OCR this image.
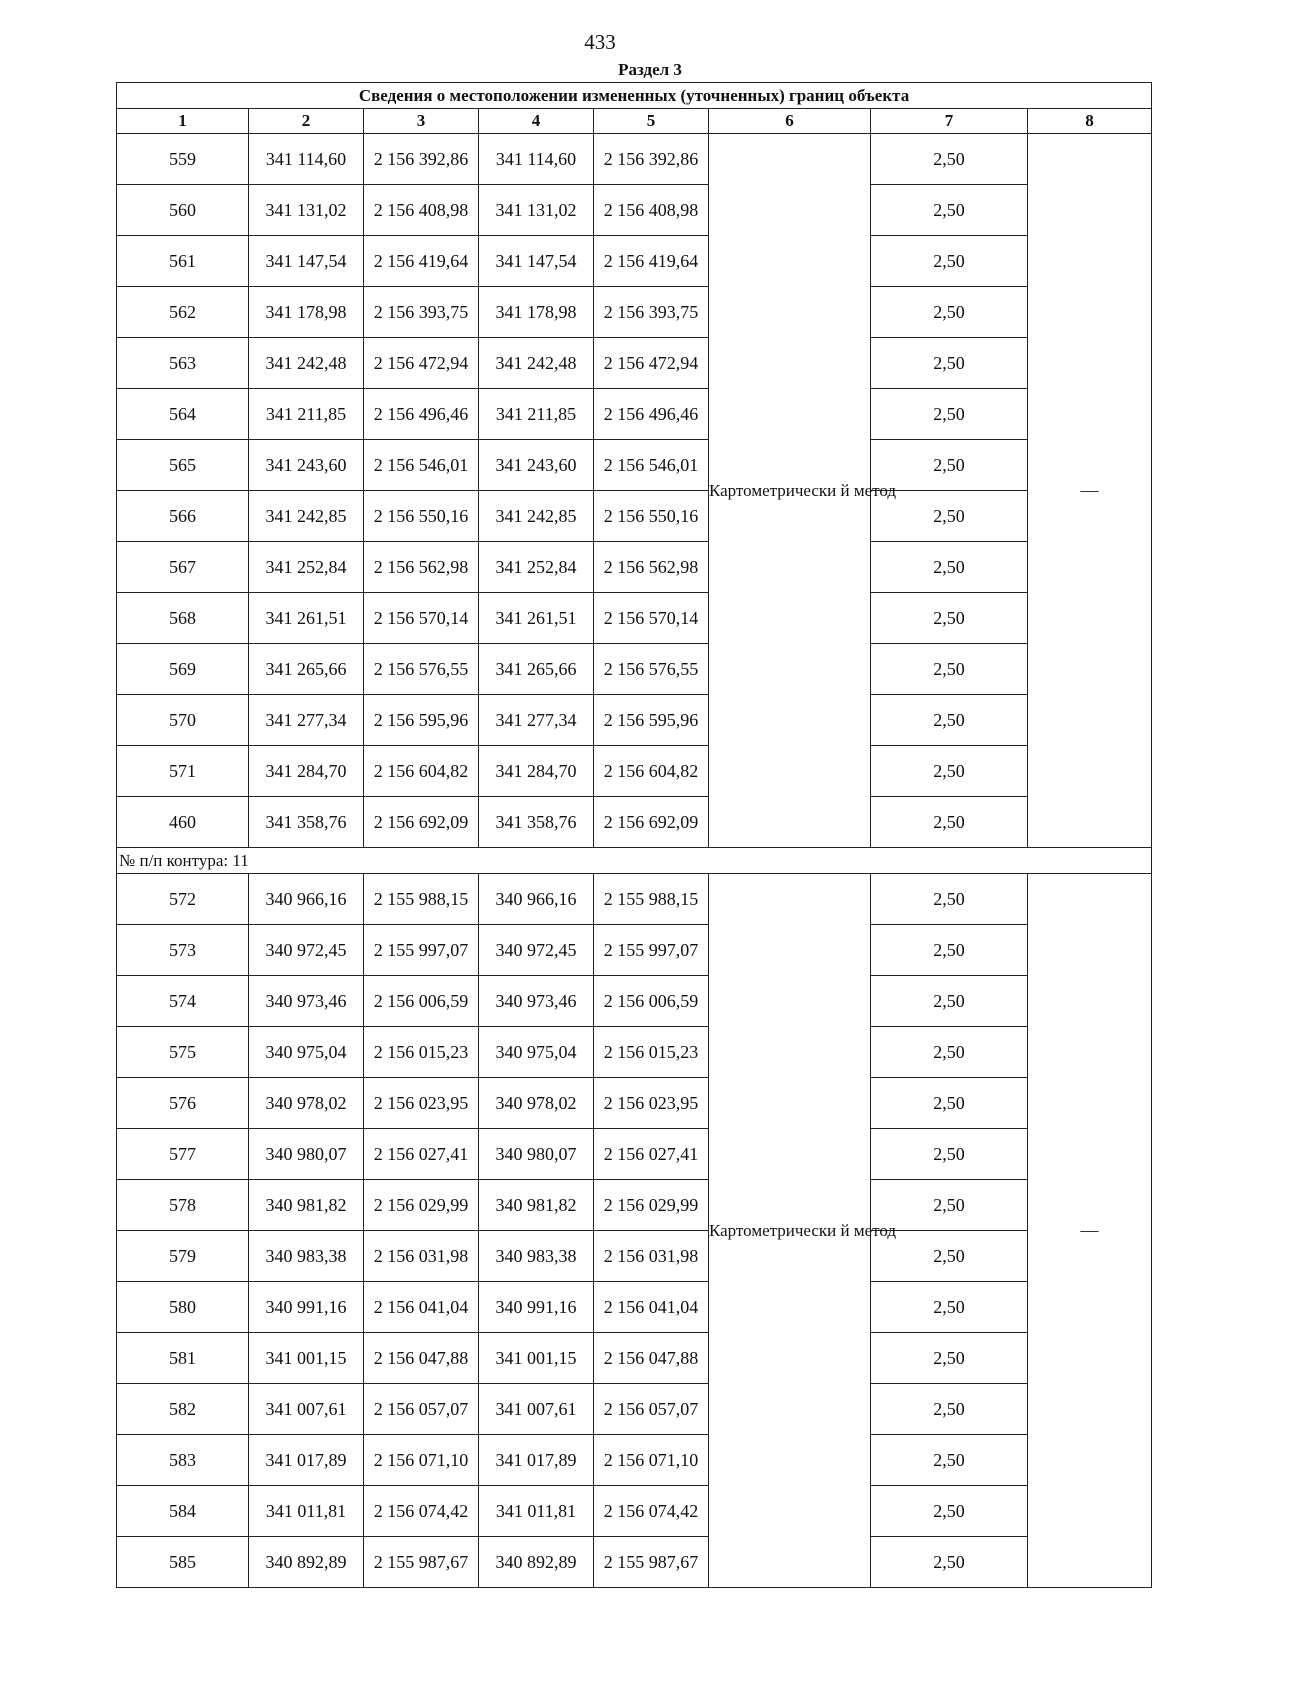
433
Раздел 3
Сведения о местоположении измененных (уточненных) границ объекта							
1	2	3	4	5	6	7	8
559	341 114,60	2 156 392,86	341 114,60	2 156 392,86	Картометрически й метод	2,50	—
560	341 131,02	2 156 408,98	341 131,02	2 156 408,98		2,50	
561	341 147,54	2 156 419,64	341 147,54	2 156 419,64		2,50	
562	341 178,98	2 156 393,75	341 178,98	2 156 393,75		2,50	
563	341 242,48	2 156 472,94	341 242,48	2 156 472,94		2,50	
564	341 211,85	2 156 496,46	341 211,85	2 156 496,46		2,50	
565	341 243,60	2 156 546,01	341 243,60	2 156 546,01		2,50	
566	341 242,85	2 156 550,16	341 242,85	2 156 550,16		2,50	
567	341 252,84	2 156 562,98	341 252,84	2 156 562,98		2,50	
568	341 261,51	2 156 570,14	341 261,51	2 156 570,14		2,50	
569	341 265,66	2 156 576,55	341 265,66	2 156 576,55		2,50	
570	341 277,34	2 156 595,96	341 277,34	2 156 595,96		2,50	
571	341 284,70	2 156 604,82	341 284,70	2 156 604,82		2,50	
460	341 358,76	2 156 692,09	341 358,76	2 156 692,09		2,50	
№ п/п контура: 11							
572	340 966,16	2 155 988,15	340 966,16	2 155 988,15	Картометрически й метод	2,50	—
573	340 972,45	2 155 997,07	340 972,45	2 155 997,07		2,50	
574	340 973,46	2 156 006,59	340 973,46	2 156 006,59		2,50	
575	340 975,04	2 156 015,23	340 975,04	2 156 015,23		2,50	
576	340 978,02	2 156 023,95	340 978,02	2 156 023,95		2,50	
577	340 980,07	2 156 027,41	340 980,07	2 156 027,41		2,50	
578	340 981,82	2 156 029,99	340 981,82	2 156 029,99		2,50	
579	340 983,38	2 156 031,98	340 983,38	2 156 031,98		2,50	
580	340 991,16	2 156 041,04	340 991,16	2 156 041,04		2,50	
581	341 001,15	2 156 047,88	341 001,15	2 156 047,88		2,50	
582	341 007,61	2 156 057,07	341 007,61	2 156 057,07		2,50	
583	341 017,89	2 156 071,10	341 017,89	2 156 071,10		2,50	
584	341 011,81	2 156 074,42	341 011,81	2 156 074,42		2,50	
585	340 892,89	2 155 987,67	340 892,89	2 155 987,67		2,50	
